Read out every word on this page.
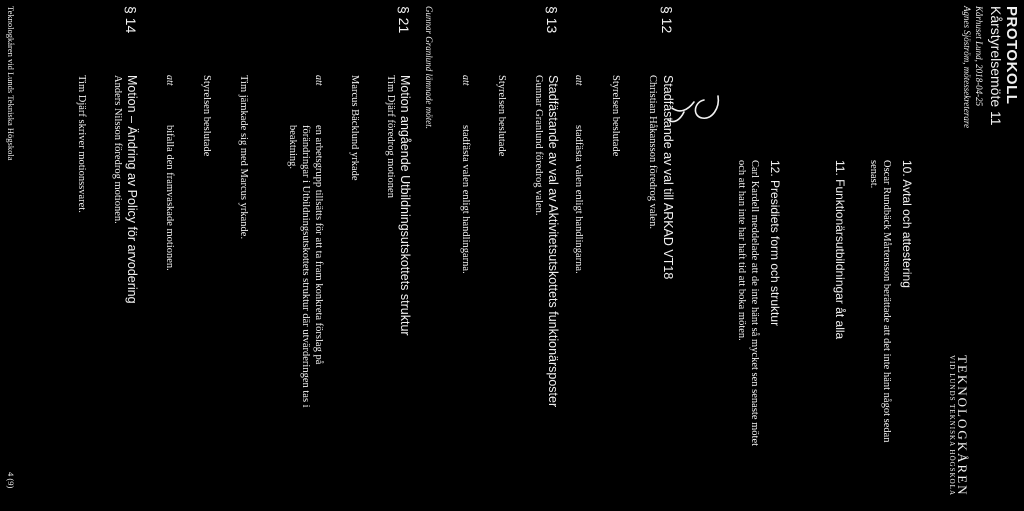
PROTOKOLL
Kårstyrelsemöte 11
Kårhuset Lund, 2018-04-25
Agnes Sjöström, mötessekreterare
TEKNOLOGKÅREN
VID LUNDS TEKNISKA HÖGSKOLA
10. Avtal och attestering
Oscar Rundbäck Mårtensson berättade att det inte hänt något sedan
senast.
11. Funktionärsutbildningar åt alla
12. Presidiets form och struktur
Carl Kardell meddelade att de inte hänt så mycket sen senaste mötet
och att han inte har haft tid att boka möten.
§ 12
Stadfästande av val till ARKAD VT18
Christian Håkansson föredrog valen.
Styrelsen beslutade
att
stadfästa valen enligt handlingarna.
§ 13
Stadfästande av val av Aktivitetsutskottets funktionärsposter
Gunnar Granlund föredrog valen.
Styrelsen beslutade
att
stadfästa valen enligt handlingarna.
Gunnar Granlund lämnade mötet.
§ 21
Motion angående Utbildningsutskottets struktur
Tim Djärf föredrog motionen
Marcus Bäcklund yrkade
att
en arbetsgrupp tillsätts för att ta fram konkreta förslag på
förändringar i Utbildningsutskottets struktur där utvärderingen tas i
beaktning.
Tim jämkade sig med Marcus yrkande.
Styrelsen beslutade
att
bifalla den framvaskade motionen.
§ 14
Motion – Ändring av Policy för arvodering
Anders Nilsson föredrog motionen.
Tim Djärf skriver motionssvaret.
Teknologkåren vid Lunds Tekniska Högskola
4 (9)
